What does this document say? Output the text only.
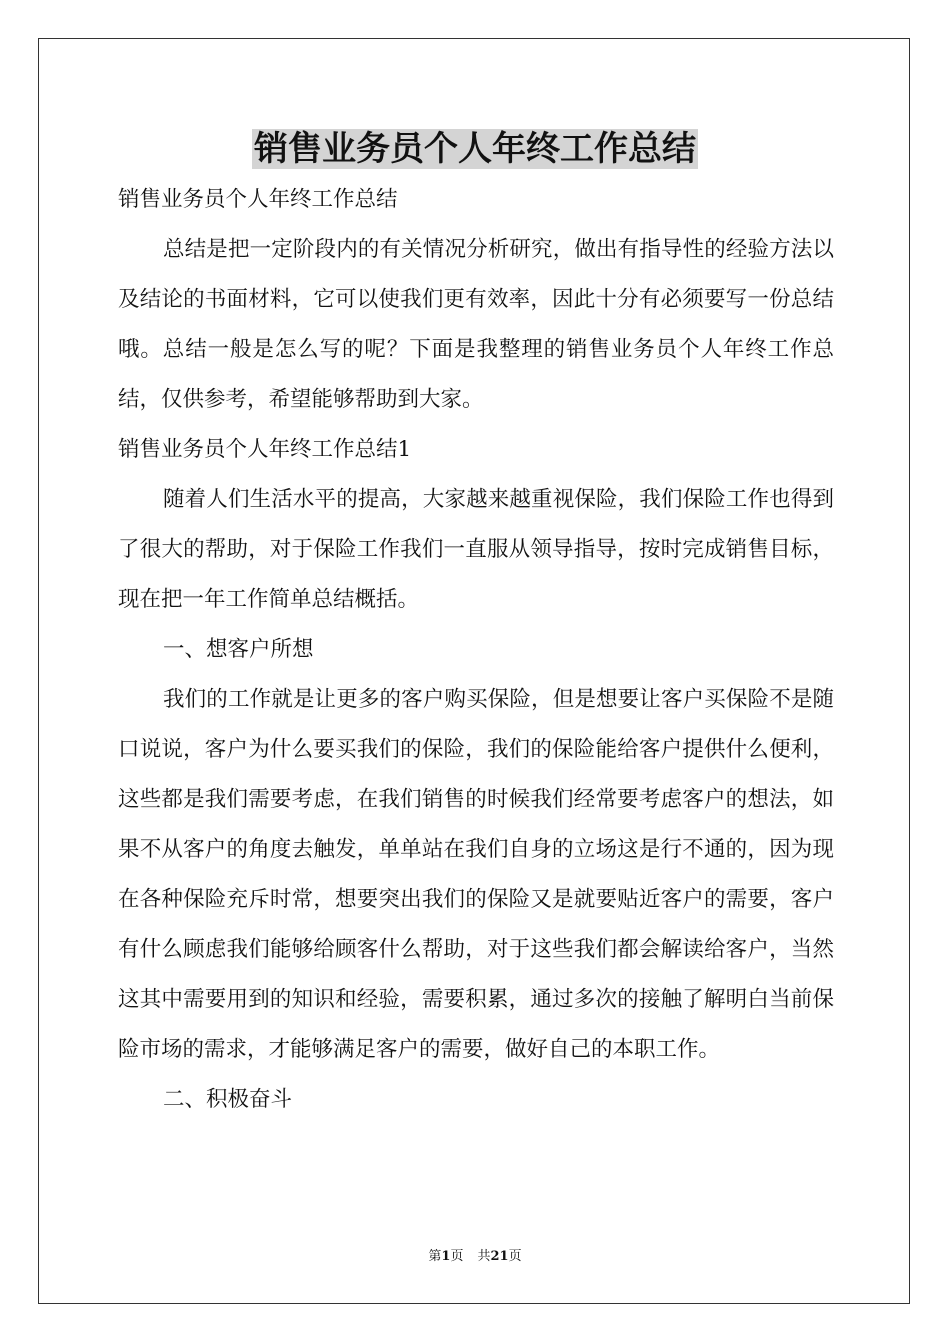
销售业务员个人年终工作总结

销售业务员个人年终工作总结

总结是把一定阶段内的有关情况分析研究，做出有指导性的经验方法以及结论的书面材料，它可以使我们更有效率，因此十分有必须要写一份总结哦。总结一般是怎么写的呢？下面是我整理的销售业务员个人年终工作总结，仅供参考，希望能够帮助到大家。

销售业务员个人年终工作总结1

随着人们生活水平的提高，大家越来越重视保险，我们保险工作也得到了很大的帮助，对于保险工作我们一直服从领导指导，按时完成销售目标，现在把一年工作简单总结概括。

一、想客户所想

我们的工作就是让更多的客户购买保险，但是想要让客户买保险不是随口说说，客户为什么要买我们的保险，我们的保险能给客户提供什么便利，这些都是我们需要考虑，在我们销售的时候我们经常要考虑客户的想法，如果不从客户的角度去触发，单单站在我们自身的立场这是行不通的，因为现在各种保险充斥时常，想要突出我们的保险又是就要贴近客户的需要，客户有什么顾虑我们能够给顾客什么帮助，对于这些我们都会解读给客户，当然这其中需要用到的知识和经验，需要积累，通过多次的接触了解明白当前保险市场的需求，才能够满足客户的需要，做好自己的本职工作。

二、积极奋斗

第1页 共21页
